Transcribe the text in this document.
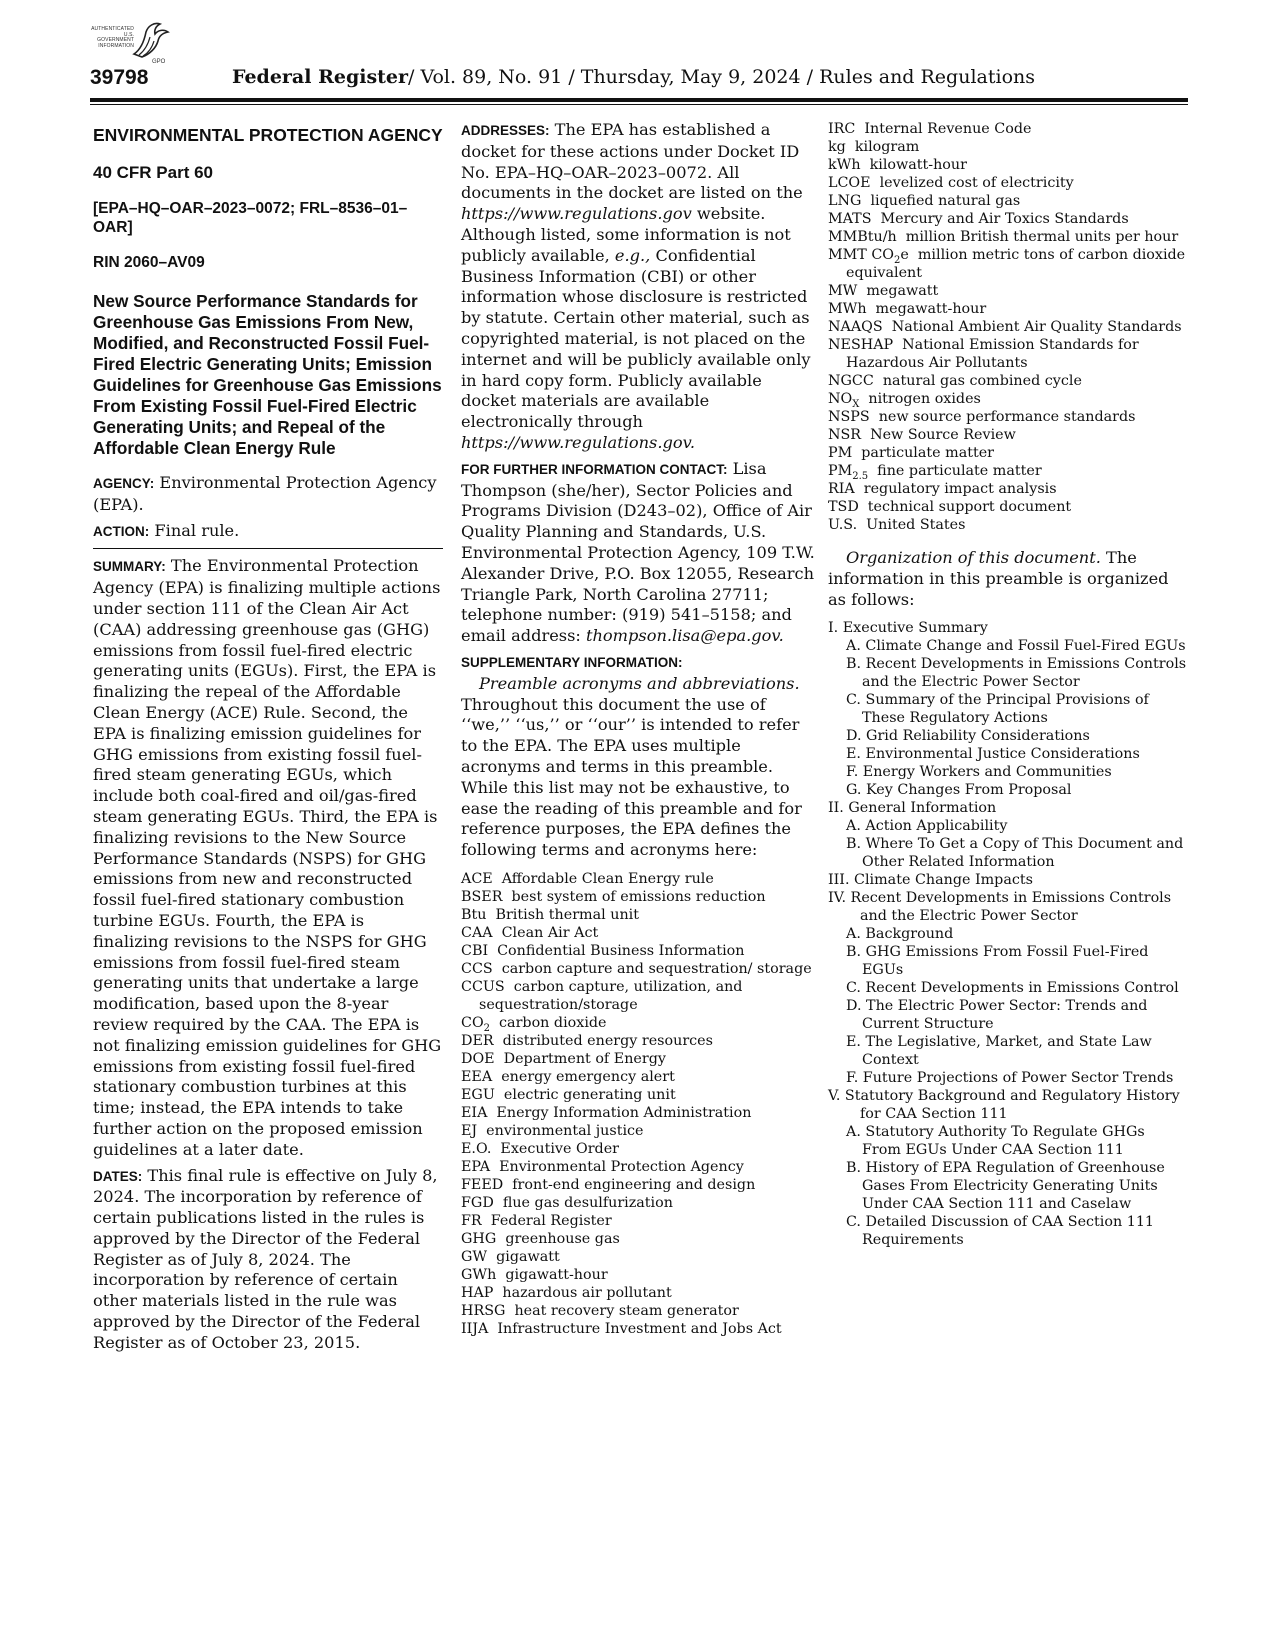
AUTHENTICATED
U.S. GOVERNMENT
INFORMATION
GPO
39798	Federal Register/ Vol. 89, No. 91 / Thursday, May 9, 2024 / Rules and Regulations
ENVIRONMENTAL PROTECTION AGENCY
40 CFR Part 60
[EPA–HQ–OAR–2023–0072; FRL–8536–01–OAR]
RIN 2060–AV09
New Source Performance Standards for Greenhouse Gas Emissions From New, Modified, and Reconstructed Fossil Fuel-Fired Electric Generating Units; Emission Guidelines for Greenhouse Gas Emissions From Existing Fossil Fuel-Fired Electric Generating Units; and Repeal of the Affordable Clean Energy Rule

AGENCY: Environmental Protection Agency (EPA).

ACTION: Final rule.

SUMMARY: The Environmental Protection Agency (EPA) is finalizing multiple actions under section 111 of the Clean Air Act (CAA) addressing greenhouse gas (GHG) emissions from fossil fuel-fired electric generating units (EGUs). First, the EPA is finalizing the repeal of the Affordable Clean Energy (ACE) Rule. Second, the EPA is finalizing emission guidelines for GHG emissions from existing fossil fuel-fired steam generating EGUs, which include both coal-fired and oil/gas-fired steam generating EGUs. Third, the EPA is finalizing revisions to the New Source Performance Standards (NSPS) for GHG emissions from new and reconstructed fossil fuel-fired stationary combustion turbine EGUs. Fourth, the EPA is finalizing revisions to the NSPS for GHG emissions from fossil fuel-fired steam generating units that undertake a large modification, based upon the 8-year review required by the CAA. The EPA is not finalizing emission guidelines for GHG emissions from existing fossil fuel-fired stationary combustion turbines at this time; instead, the EPA intends to take further action on the proposed emission guidelines at a later date.

DATES: This final rule is effective on July 8, 2024. The incorporation by reference of certain publications listed in the rules is approved by the Director of the Federal Register as of July 8, 2024. The incorporation by reference of certain other materials listed in the rule was approved by the Director of the Federal Register as of October 23, 2015.

ADDRESSES: The EPA has established a docket for these actions under Docket ID No. EPA–HQ–OAR–2023–0072. All documents in the docket are listed on the https://www.regulations.gov website. Although listed, some information is not publicly available, e.g., Confidential Business Information (CBI) or other information whose disclosure is restricted by statute. Certain other material, such as copyrighted material, is not placed on the internet and will be publicly available only in hard copy form. Publicly available docket materials are available electronically through https://www.regulations.gov.

FOR FURTHER INFORMATION CONTACT: Lisa Thompson (she/her), Sector Policies and Programs Division (D243–02), Office of Air Quality Planning and Standards, U.S. Environmental Protection Agency, 109 T.W. Alexander Drive, P.O. Box 12055, Research Triangle Park, North Carolina 27711; telephone number: (919) 541–5158; and email address: thompson.lisa@epa.gov.

SUPPLEMENTARY INFORMATION:

Preamble acronyms and abbreviations. Throughout this document the use of ‘‘we,’’ ‘‘us,’’ or ‘‘our’’ is intended to refer to the EPA. The EPA uses multiple acronyms and terms in this preamble. While this list may not be exhaustive, to ease the reading of this preamble and for reference purposes, the EPA defines the following terms and acronyms here:

ACE Affordable Clean Energy rule

BSER best system of emissions reduction

Btu British thermal unit

CAA Clean Air Act

CBI Confidential Business Information

CCS carbon capture and sequestration/ storage

CCUS carbon capture, utilization, and sequestration/storage

$CO_2$ carbon dioxide

DER distributed energy resources

DOE Department of Energy

EEA energy emergency alert

EGU electric generating unit

EIA Energy Information Administration

EJ environmental justice

E.O. Executive Order

EPA Environmental Protection Agency

FEED front-end engineering and design

FGD flue gas desulfurization

FR Federal Register

GHG greenhouse gas

GW gigawatt

GWh gigawatt-hour

HAP hazardous air pollutant

HRSG heat recovery steam generator

IIJA Infrastructure Investment and Jobs Act

IRC Internal Revenue Code

kg kilogram

kWh kilowatt-hour

LCOE levelized cost of electricity

LNG liquefied natural gas

MATS Mercury and Air Toxics Standards

MMBtu/h million British thermal units per hour

MMT $CO_2e$ million metric tons of carbon dioxide equivalent

MW megawatt

MWh megawatt-hour

NAAQS National Ambient Air Quality Standards

NESHAP National Emission Standards for Hazardous Air Pollutants

NGCC natural gas combined cycle

$NO_X$ nitrogen oxides

NSPS new source performance standards

NSR New Source Review

PM particulate matter

$PM_{2.5}$ fine particulate matter

RIA regulatory impact analysis

TSD technical support document

U.S. United States

Organization of this document. The information in this preamble is organized as follows:

I. Executive Summary

A. Climate Change and Fossil Fuel-Fired EGUs

B. Recent Developments in Emissions Controls and the Electric Power Sector

C. Summary of the Principal Provisions of These Regulatory Actions

D. Grid Reliability Considerations

E. Environmental Justice Considerations

F. Energy Workers and Communities

G. Key Changes From Proposal

II. General Information

A. Action Applicability

B. Where To Get a Copy of This Document and Other Related Information

III. Climate Change Impacts

IV. Recent Developments in Emissions Controls and the Electric Power Sector

A. Background

B. GHG Emissions From Fossil Fuel-Fired EGUs

C. Recent Developments in Emissions Control

D. The Electric Power Sector: Trends and Current Structure

E. The Legislative, Market, and State Law Context

F. Future Projections of Power Sector Trends

V. Statutory Background and Regulatory History for CAA Section 111

A. Statutory Authority To Regulate GHGs From EGUs Under CAA Section 111

B. History of EPA Regulation of Greenhouse Gases From Electricity Generating Units Under CAA Section 111 and Caselaw

C. Detailed Discussion of CAA Section 111 Requirements
